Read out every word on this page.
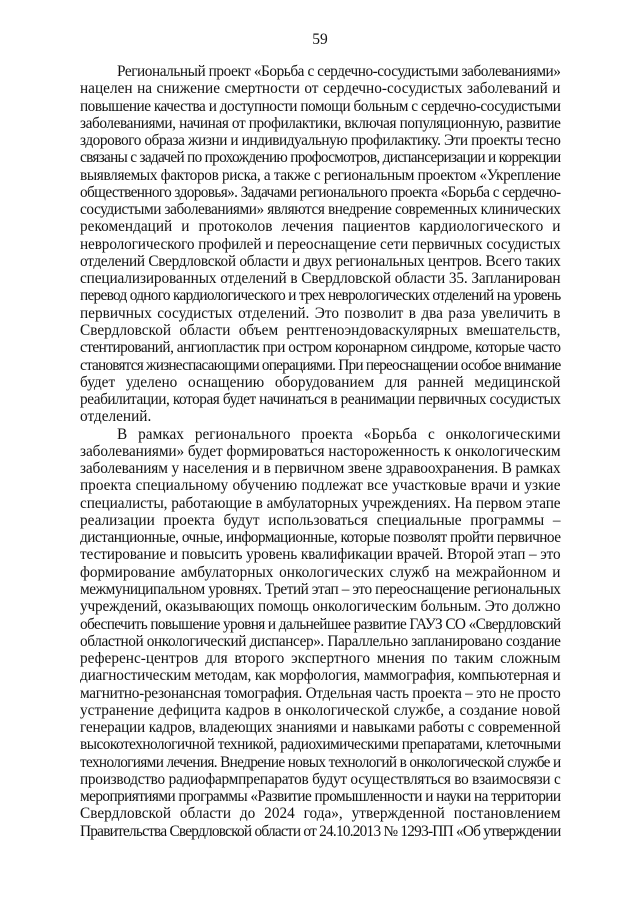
59
Региональный проект «Борьба с сердечно-сосудистыми заболеваниями»
нацелен на снижение смертности от сердечно-сосудистых заболеваний и
повышение качества и доступности помощи больным с сердечно-сосудистыми
заболеваниями, начиная от профилактики, включая популяционную, развитие
здорового образа жизни и индивидуальную профилактику. Эти проекты тесно
связаны с задачей по прохождению профосмотров, диспансеризации и коррекции
выявляемых факторов риска, а также с региональным проектом «Укрепление
общественного здоровья». Задачами регионального проекта «Борьба с сердечно-
сосудистыми заболеваниями» являются внедрение современных клинических
рекомендаций и протоколов лечения пациентов кардиологического и
неврологического профилей и переоснащение сети первичных сосудистых
отделений Свердловской области и двух региональных центров. Всего таких
специализированных отделений в Свердловской области 35. Запланирован
перевод одного кардиологического и трех неврологических отделений на уровень
первичных сосудистых отделений. Это позволит в два раза увеличить в
Свердловской области объем рентгеноэндоваскулярных вмешательств,
стентирований, ангиопластик при остром коронарном синдроме, которые часто
становятся жизнеспасающими операциями. При переоснащении особое внимание
будет уделено оснащению оборудованием для ранней медицинской
реабилитации, которая будет начинаться в реанимации первичных сосудистых
отделений.
В рамках регионального проекта «Борьба с онкологическими
заболеваниями» будет формироваться настороженность к онкологическим
заболеваниям у населения и в первичном звене здравоохранения. В рамках
проекта специальному обучению подлежат все участковые врачи и узкие
специалисты, работающие в амбулаторных учреждениях. На первом этапе
реализации проекта будут использоваться специальные программы –
дистанционные, очные, информационные, которые позволят пройти первичное
тестирование и повысить уровень квалификации врачей. Второй этап – это
формирование амбулаторных онкологических служб на межрайонном и
межмуниципальном уровнях. Третий этап – это переоснащение региональных
учреждений, оказывающих помощь онкологическим больным. Это должно
обеспечить повышение уровня и дальнейшее развитие ГАУЗ СО «Свердловский
областной онкологический диспансер». Параллельно запланировано создание
референс-центров для второго экспертного мнения по таким сложным
диагностическим методам, как морфология, маммография, компьютерная и
магнитно-резонансная томография. Отдельная часть проекта – это не просто
устранение дефицита кадров в онкологической службе, а создание новой
генерации кадров, владеющих знаниями и навыками работы с современной
высокотехнологичной техникой, радиохимическими препаратами, клеточными
технологиями лечения. Внедрение новых технологий в онкологической службе и
производство радиофармпрепаратов будут осуществляться во взаимосвязи с
мероприятиями программы «Развитие промышленности и науки на территории
Свердловской области до 2024 года», утвержденной постановлением
Правительства Свердловской области от 24.10.2013 № 1293-ПП «Об утверждении
